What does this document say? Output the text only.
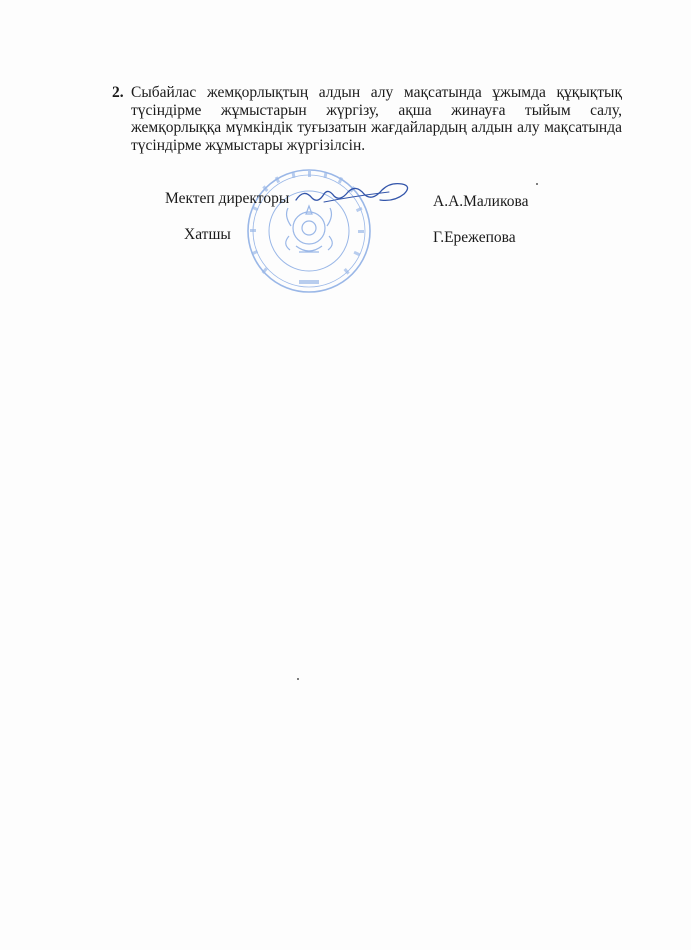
2. Сыбайлас жемқорлықтың алдын алу мақсатында ұжымда құқықтық түсіндірме жұмыстарын жүргізу, ақша жинауға тыйым салу, жемқорлыққа мүмкіндік туғызатын жағдайлардың алдын алу мақсатында түсіндірме жұмыстары жүргізілсін.
Мектеп директоры	А.А.Маликова
Хатшы	Г.Ережепова
